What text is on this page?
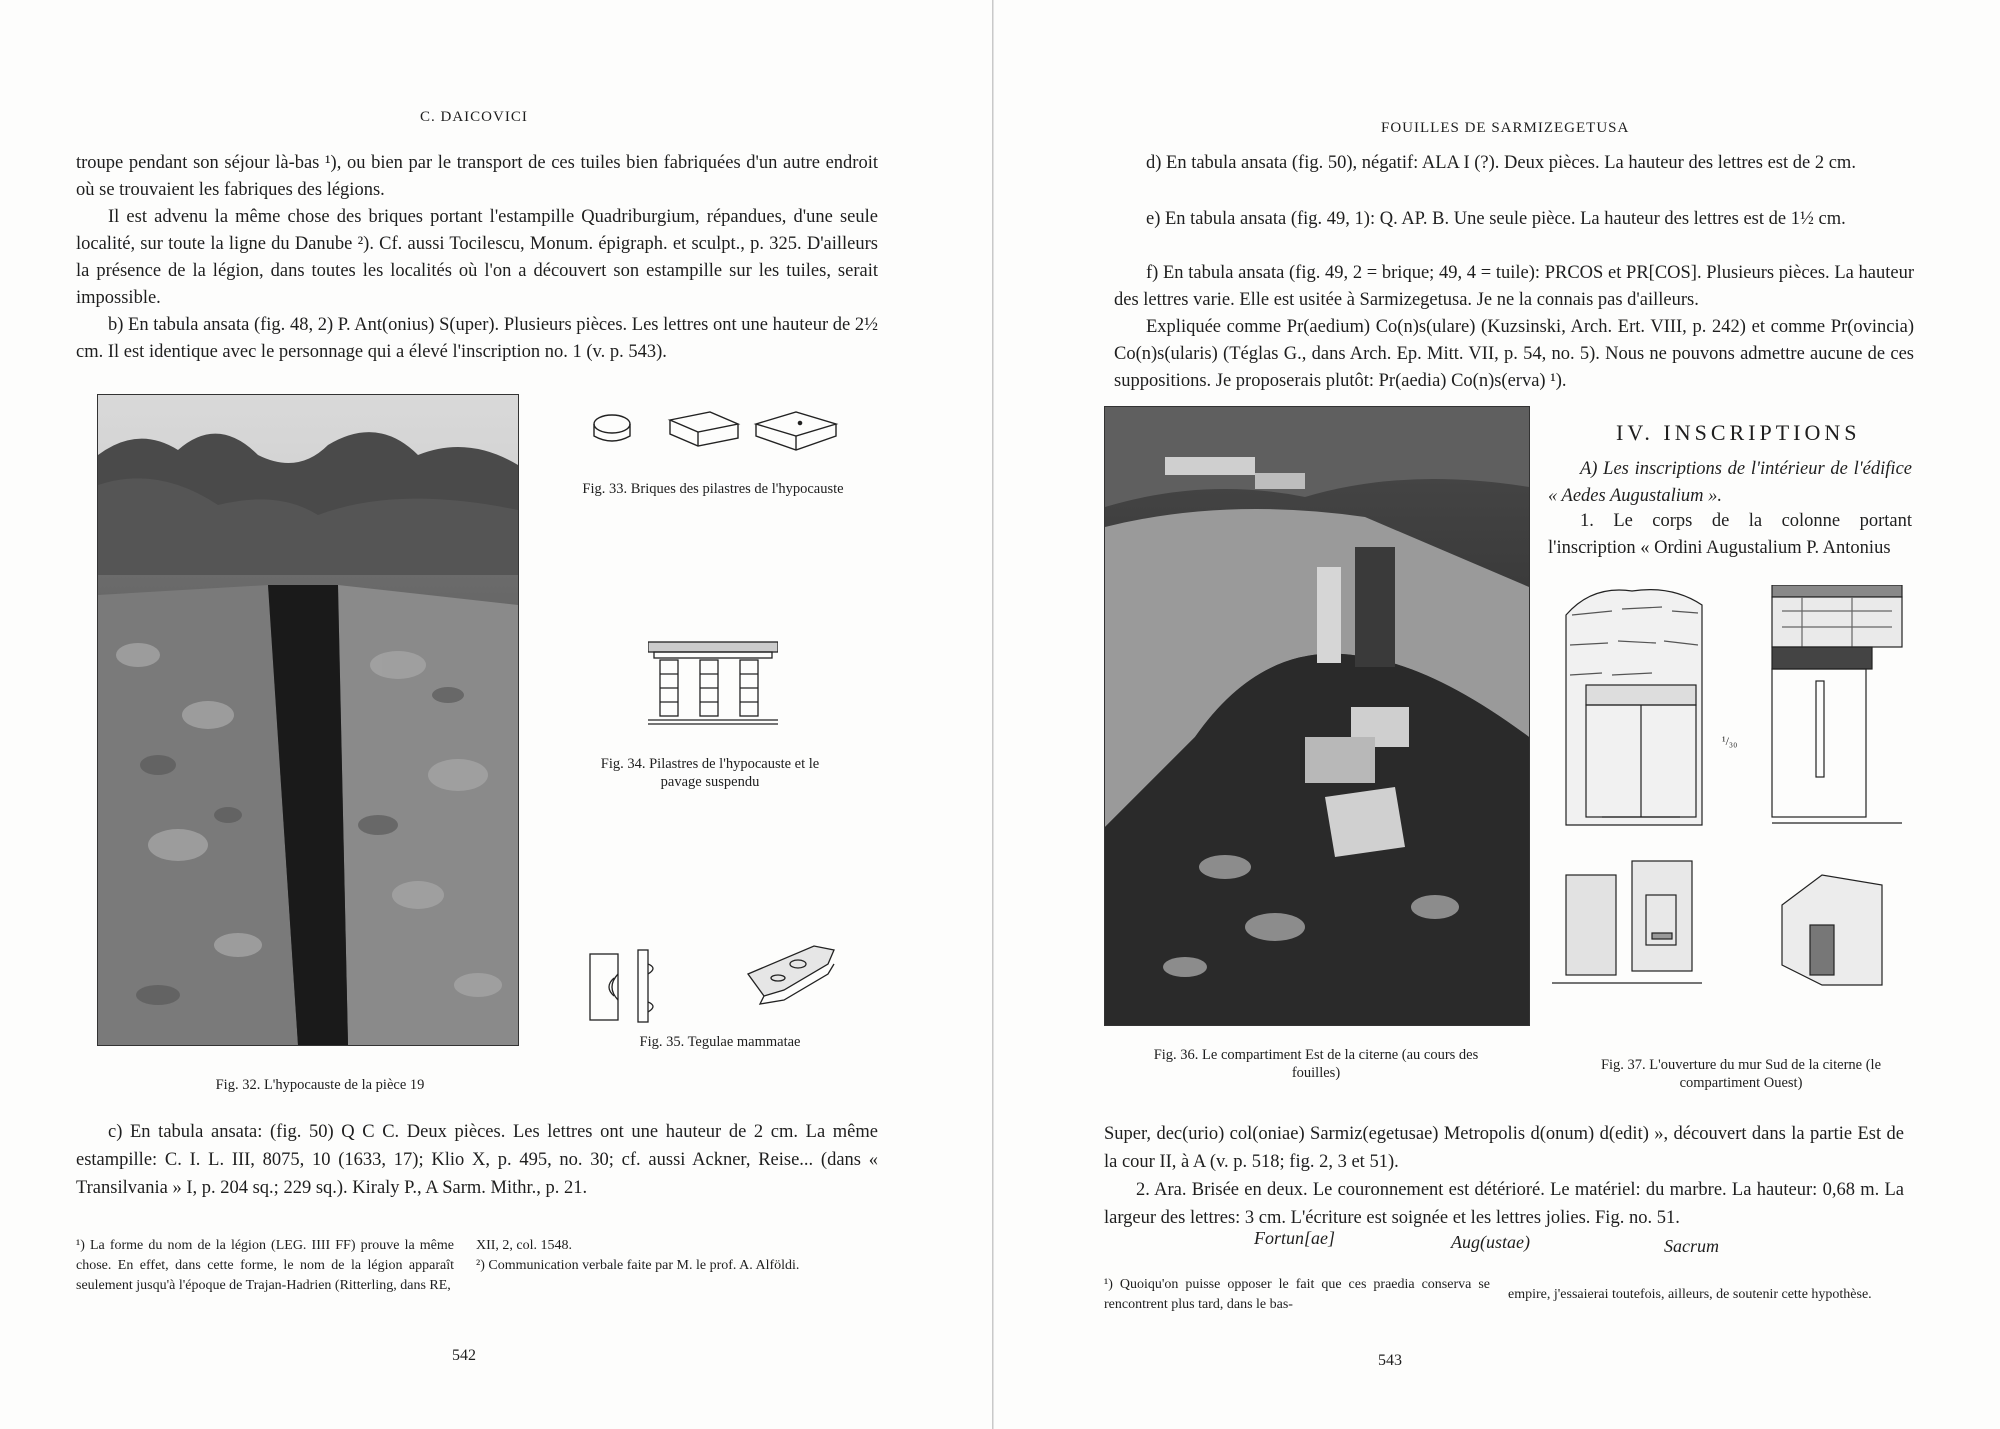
C. DAICOVICI

troupe pendant son séjour là-bas ¹), ou bien par le transport de ces tuiles bien fabriquées d'un autre endroit où se trouvaient les fabriques des légions.

Il est advenu la même chose des briques portant l'estampille Quadriburgium, répandues, d'une seule localité, sur toute la ligne du Danube ²). Cf. aussi Tocilescu, Monum. épigraph. et sculpt., p. 325. D'ailleurs la présence de la légion, dans toutes les localités où l'on a découvert son estampille sur les tuiles, serait impossible.

b) En tabula ansata (fig. 48, 2) P. Ant(onius) S(uper). Plusieurs pièces. Les lettres ont une hauteur de 2½ cm. Il est identique avec le personnage qui a élevé l'inscription no. 1 (v. p. 543).

Fig. 32. L'hypocauste de la pièce 19
Fig. 33. Briques des pilastres de l'hypocauste
Fig. 34. Pilastres de l'hypocauste et le pavage suspendu
Fig. 35. Tegulae mammatae

c) En tabula ansata: (fig. 50) Q C C. Deux pièces. Les lettres ont une hauteur de 2 cm. La même estampille: C. I. L. III, 8075, 10 (1633, 17); Klio X, p. 495, no. 30; cf. aussi Ackner, Reise... (dans « Transilvania » I, p. 204 sq.; 229 sq.). Kiraly P., A Sarm. Mithr., p. 21.

¹) La forme du nom de la légion (LEG. IIII FF) prouve la même chose. En effet, dans cette forme, le nom de la légion apparaît seulement jusqu'à l'époque de Trajan-Hadrien (Ritterling, dans RE,
XII, 2, col. 1548.
²) Communication verbale faite par M. le prof. A. Alföldi.
542
FOUILLES DE SARMIZEGETUSA

d) En tabula ansata (fig. 50), négatif: ALA I (?). Deux pièces. La hauteur des lettres est de 2 cm.

e) En tabula ansata (fig. 49, 1): Q. AP. B. Une seule pièce. La hauteur des lettres est de 1½ cm.

f) En tabula ansata (fig. 49, 2 = brique; 49, 4 = tuile): PRCOS et PR[COS]. Plusieurs pièces. La hauteur des lettres varie. Elle est usitée à Sarmizegetusa. Je ne la connais pas d'ailleurs.

Expliquée comme Pr(aedium) Co(n)s(ulare) (Kuzsinski, Arch. Ert. VIII, p. 242) et comme Pr(ovincia) Co(n)s(ularis) (Téglas G., dans Arch. Ep. Mitt. VII, p. 54, no. 5). Nous ne pouvons admettre aucune de ces suppositions. Je proposerais plutôt: Pr(aedia) Co(n)s(erva) ¹).

Fig. 36. Le compartiment Est de la citerne (au cours des fouilles)
IV. INSCRIPTIONS

A) Les inscriptions de l'intérieur de l'édifice « Aedes Augustalium ».

1. Le corps de la colonne portant l'inscription « Ordini Augustalium P. Antonius

¹/₃₀
Fig. 37. L'ouverture du mur Sud de la citerne (le compartiment Ouest)

Super, dec(urio) col(oniae) Sarmiz(egetusae) Metropolis d(onum) d(edit) », découvert dans la partie Est de la cour II, à A (v. p. 518; fig. 2, 3 et 51).

2. Ara. Brisée en deux. Le couronnement est détérioré. Le matériel: du marbre. La hauteur: 0,68 m. La largeur des lettres: 3 cm. L'écriture est soignée et les lettres jolies. Fig. no. 51.

Fortun[ae]	Aug(ustae)	Sacrum
¹) Quoiqu'on puisse opposer le fait que ces praedia conserva se rencontrent plus tard, dans le bas-
empire, j'essaierai toutefois, ailleurs, de soutenir cette hypothèse.
543
